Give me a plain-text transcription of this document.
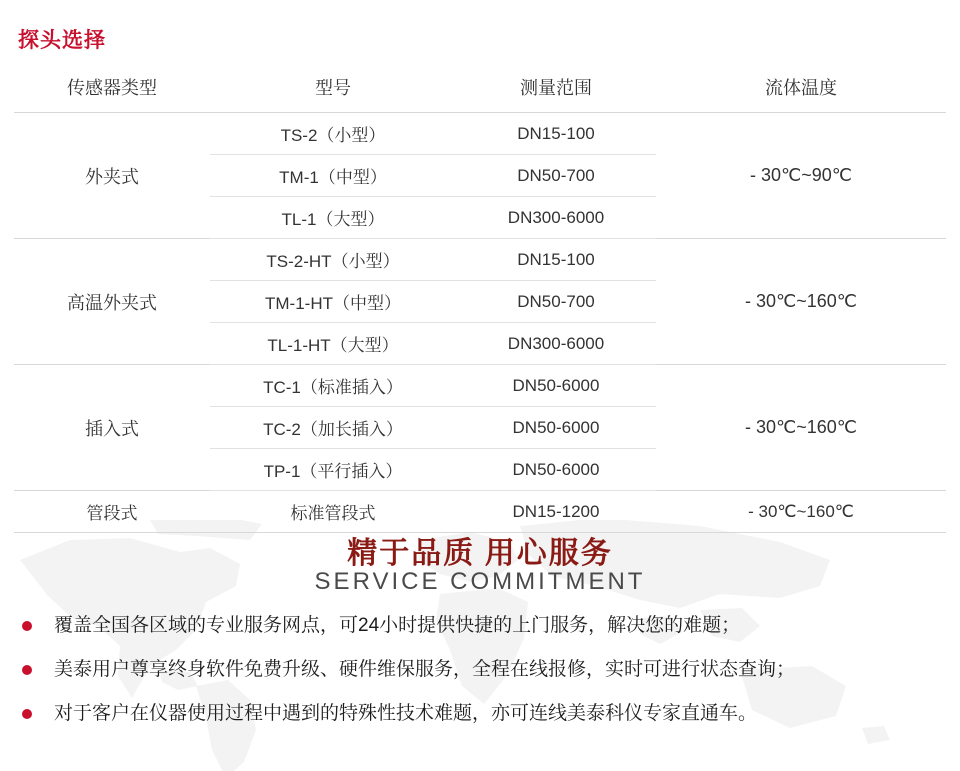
探头选择
传感器类型	型号	测量范围	流体温度
外夹式	TS-2（小型）	DN15-100	- 30℃~90℃
	TM-1（中型）	DN50-700	
	TL-1（大型）	DN300-6000	
高温外夹式	TS-2-HT（小型）	DN15-100	- 30℃~160℃
	TM-1-HT（中型）	DN50-700	
	TL-1-HT（大型）	DN300-6000	
插入式	TC-1（标准插入）	DN50-6000	- 30℃~160℃
	TC-2（加长插入）	DN50-6000	
	TP-1（平行插入）	DN50-6000	
管段式	标准管段式	DN15-1200	- 30℃~160℃
精于品质 用心服务
SERVICE COMMITMENT
覆盖全国各区域的专业服务网点，可24小时提供快捷的上门服务，解决您的难题；
美泰用户尊享终身软件免费升级、硬件维保服务，全程在线报修，实时可进行状态查询；
对于客户在仪器使用过程中遇到的特殊性技术难题，亦可连线美泰科仪专家直通车。
